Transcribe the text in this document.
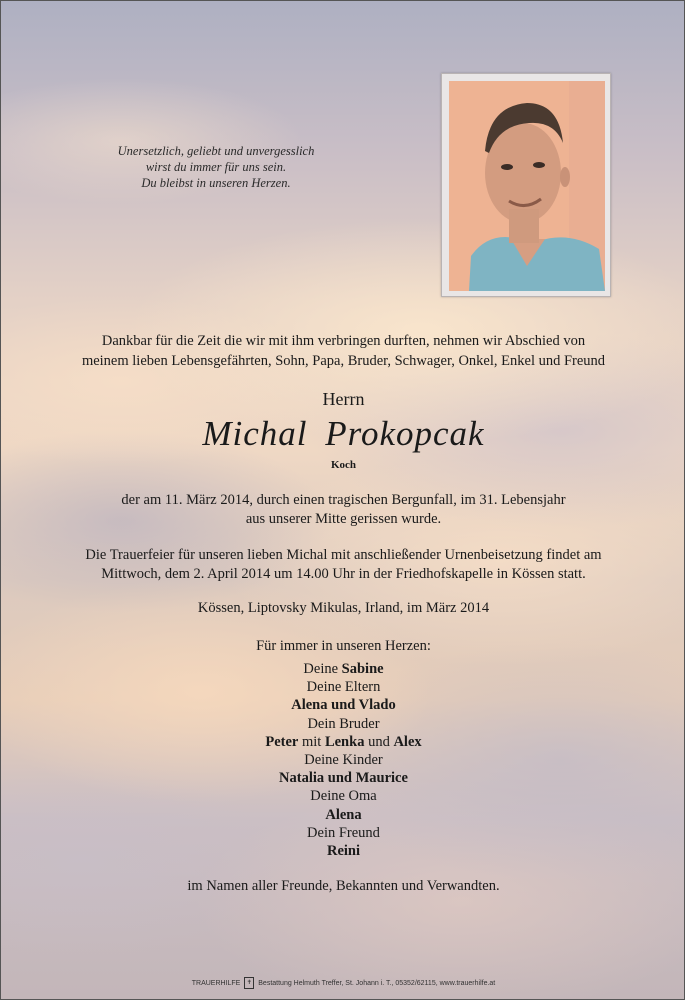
Unersetzlich, geliebt und unvergesslich
wirst du immer für uns sein.
Du bleibst in unseren Herzen.
Dankbar für die Zeit die wir mit ihm verbringen durften, nehmen wir Abschied von
meinem lieben Lebensgefährten, Sohn, Papa, Bruder, Schwager, Onkel, Enkel und Freund
Herrn
Michal Prokopcak
Koch
der am 11. März 2014, durch einen tragischen Bergunfall, im 31. Lebensjahr
aus unserer Mitte gerissen wurde.
Die Trauerfeier für unseren lieben Michal mit anschließender Urnenbeisetzung findet am
Mittwoch, dem 2. April 2014 um 14.00 Uhr in der Friedhofskapelle in Kössen statt.
Kössen, Liptovsky Mikulas, Irland, im März 2014
Für immer in unseren Herzen:
Deine Sabine
Deine Eltern
Alena und Vlado
Dein Bruder
Peter mit Lenka und Alex
Deine Kinder
Natalia und Maurice
Deine Oma
Alena
Dein Freund
Reini
im Namen aller Freunde, Bekannten und Verwandten.
TRAUERHILFE ✝ Bestattung Helmuth Treffer, St. Johann i. T., 05352/62115, www.trauerhilfe.at
